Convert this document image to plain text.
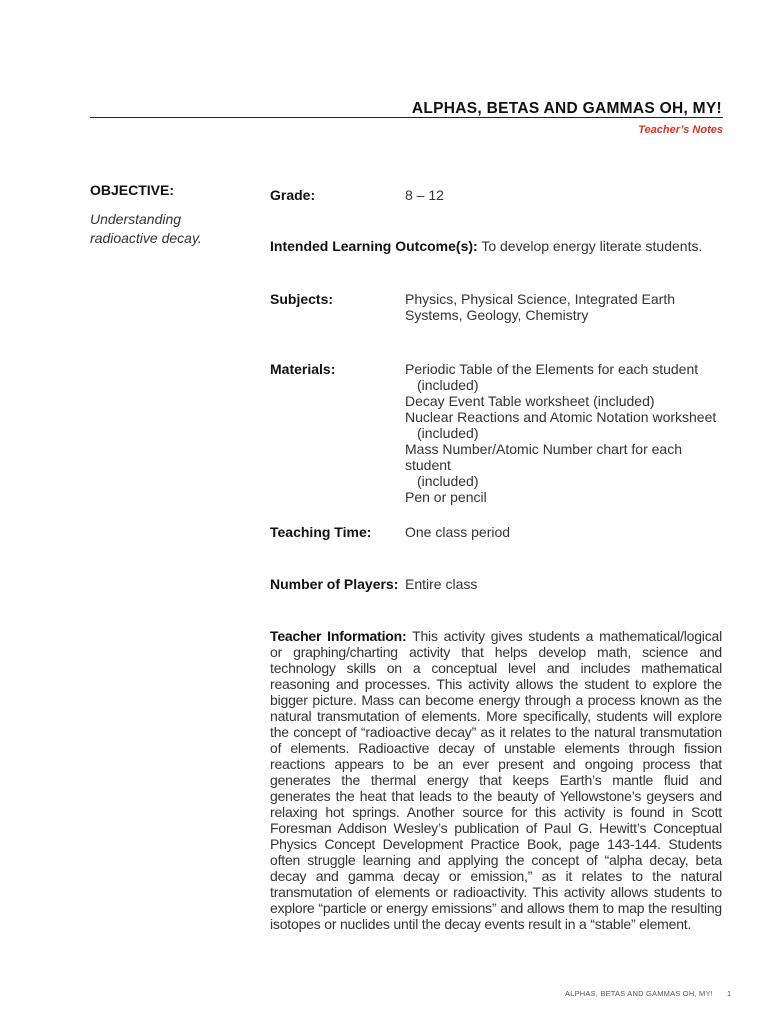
ALPHAS, BETAS AND GAMMAS OH, MY!
Teacher’s Notes
OBJECTIVE:
Understanding radioactive decay.
Grade:	8 – 12
Intended Learning Outcome(s): To develop energy literate students.
Subjects:	Physics, Physical Science, Integrated Earth Systems, Geology, Chemistry
Materials:	Periodic Table of the Elements for each student
(included)
Decay Event Table worksheet (included)
Nuclear Reactions and Atomic Notation worksheet
(included)
Mass Number/Atomic Number chart for each student
(included)
Pen or pencil
Teaching Time: One class period
Number of Players: Entire class
Teacher Information: This activity gives students a mathematical/logical or graphing/charting activity that helps develop math, science and technology skills on a conceptual level and includes mathematical reasoning and processes. This activity allows the student to explore the bigger picture. Mass can become energy through a process known as the natural transmutation of elements. More specifically, students will explore the concept of “radioactive decay” as it relates to the natural transmutation of elements. Radioactive decay of unstable elements through fission reactions appears to be an ever present and ongoing process that generates the thermal energy that keeps Earth’s mantle fluid and generates the heat that leads to the beauty of Yellowstone’s geysers and relaxing hot springs. Another source for this activity is found in Scott Foresman Addison Wesley’s publication of Paul G. Hewitt’s Conceptual Physics Concept Development Practice Book, page 143-144. Students often struggle learning and applying the concept of “alpha decay, beta decay and gamma decay or emission,” as it relates to the natural transmutation of elements or radioactivity. This activity allows students to explore “particle or energy emissions” and allows them to map the resulting isotopes or nuclides until the decay events result in a “stable” element.
ALPHAS, BETAS AND GAMMAS OH, MY! 1
